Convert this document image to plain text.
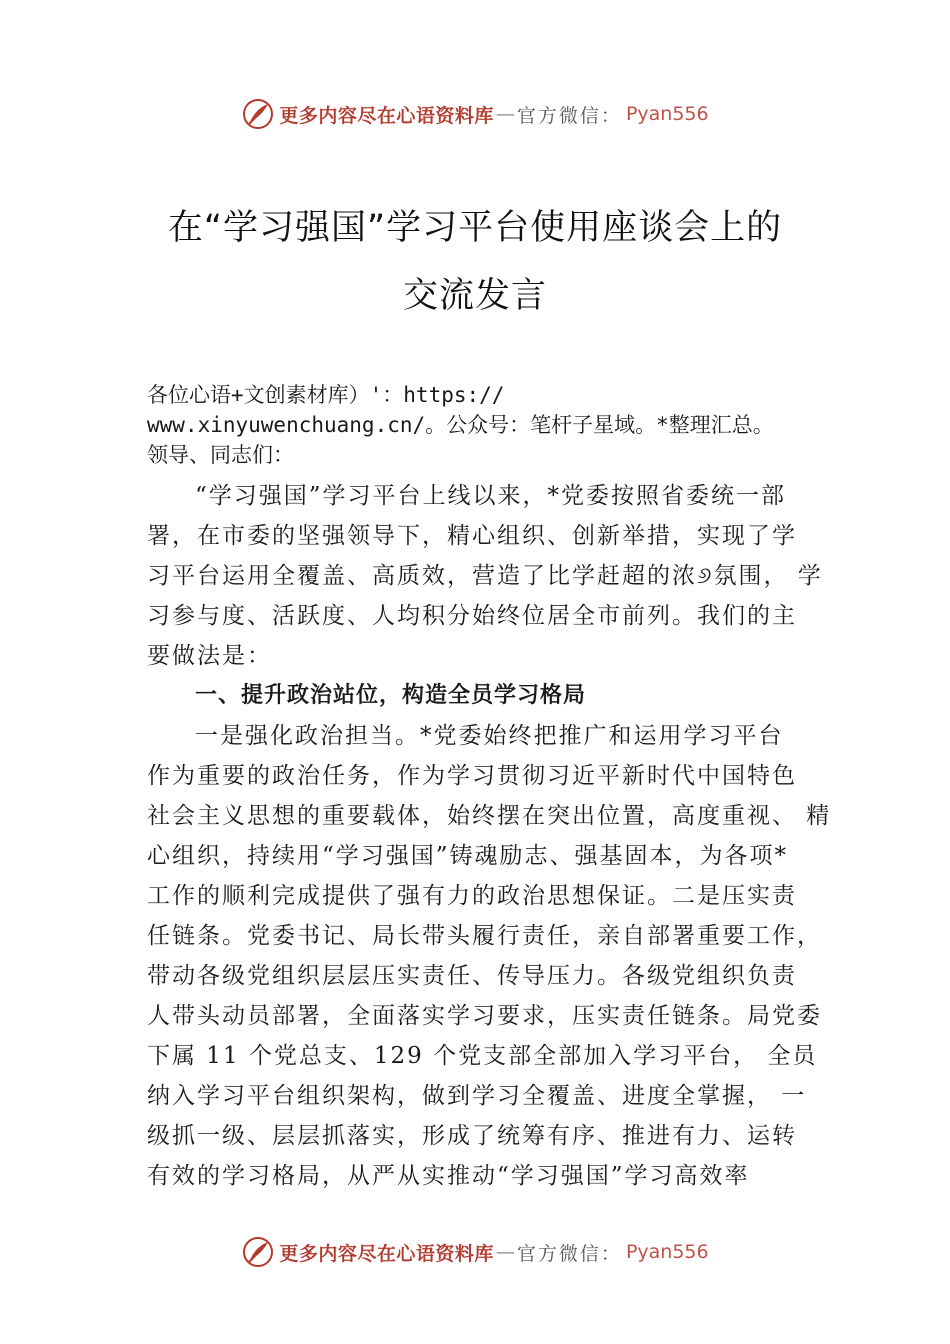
更多内容尽在心语资料库 — 官方微信： Pyan556
在“学习强国”学习平台使用座谈会上的
交流发言
各位心语+文创素材库）'：https://
www.xinyuwenchuang.cn/。公众号：笔杆子星域。*整理汇总。
领导、同志们：
“学习强国”学习平台上线以来，*党委按照省委统一部
署，在市委的坚强领导下，精心组织、创新举措，实现了学
习平台运用全覆盖、高质效，营造了比学赶超的浓୬氛围， 学
习参与度、活跃度、人均积分始终位居全市前列。我们的主
要做法是：
一、提升政治站位，构造全员学习格局
一是强化政治担当。*党委始终把推广和运用学习平台
作为重要的政治任务，作为学习贯彻习近平新时代中国特色
社会主义思想的重要载体，始终摆在突出位置，高度重视、 精
心组织，持续用“学习强国”铸魂励志、强基固本，为各项*
工作的顺利完成提供了强有力的政治思想保证。二是压实责
任链条。党委书记、局长带头履行责任，亲自部署重要工作，
带动各级党组织层层压实责任、传导压力。各级党组织负责
人带头动员部署，全面落实学习要求，压实责任链条。局党委
下属 11 个党总支、129 个党支部全部加入学习平台， 全员
纳入学习平台组织架构，做到学习全覆盖、进度全掌握， 一
级抓一级、层层抓落实，形成了统筹有序、推进有力、运转
有效的学习格局，从严从实推动“学习强国”学习高效率
更多内容尽在心语资料库 — 官方微信： Pyan556
